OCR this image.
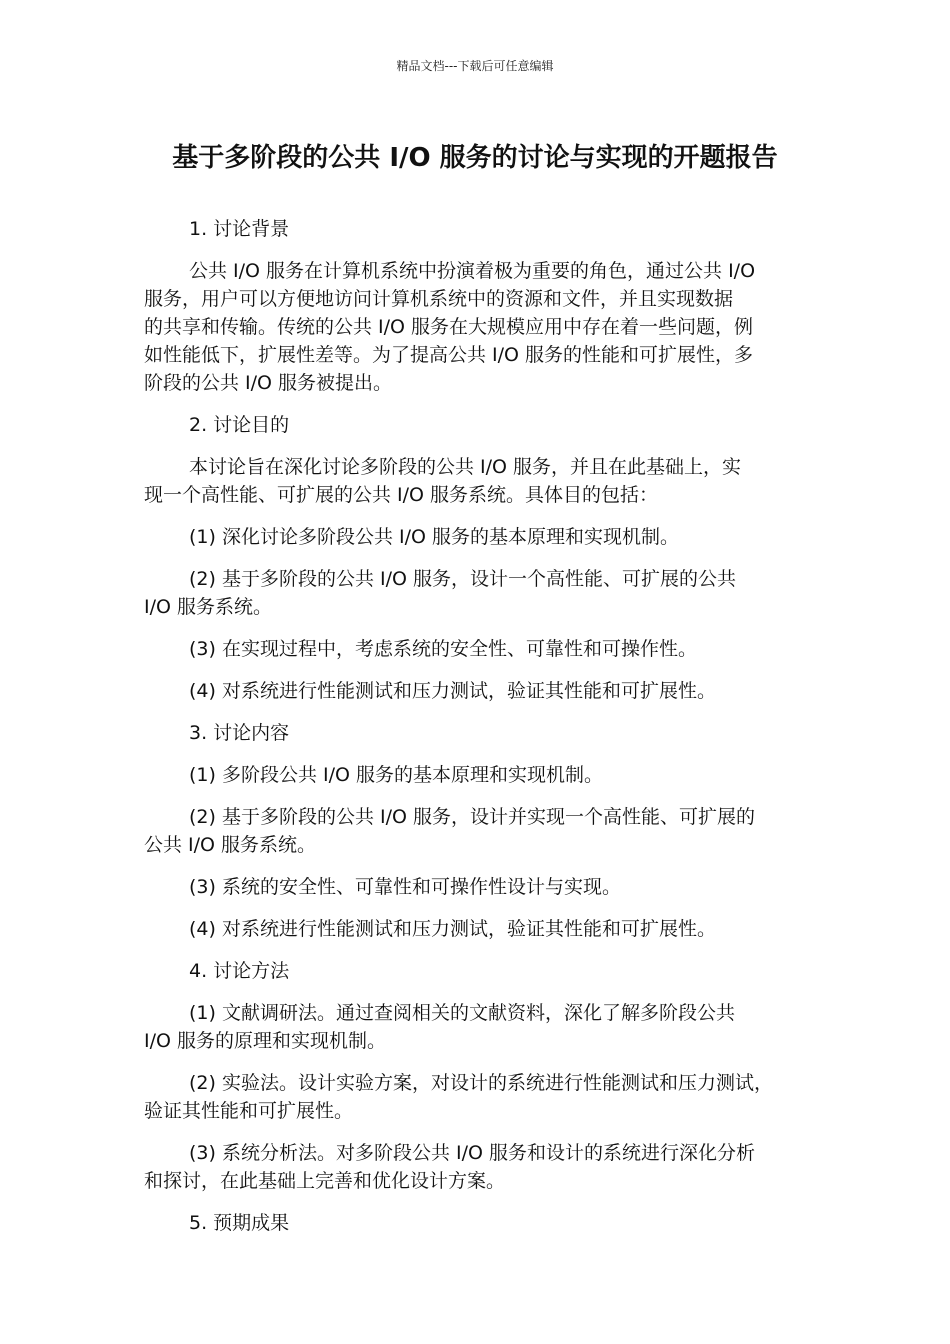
精品文档---下载后可任意编辑
基于多阶段的公共 I/O 服务的讨论与实现的开题报告

1. 讨论背景

公共 I/O 服务在计算机系统中扮演着极为重要的角色，通过公共 I/O
服务，用户可以方便地访问计算机系统中的资源和文件，并且实现数据
的共享和传输。传统的公共 I/O 服务在大规模应用中存在着一些问题，例
如性能低下，扩展性差等。为了提高公共 I/O 服务的性能和可扩展性，多
阶段的公共 I/O 服务被提出。

2. 讨论目的

本讨论旨在深化讨论多阶段的公共 I/O 服务，并且在此基础上，实
现一个高性能、可扩展的公共 I/O 服务系统。具体目的包括：

(1) 深化讨论多阶段公共 I/O 服务的基本原理和实现机制。

(2) 基于多阶段的公共 I/O 服务，设计一个高性能、可扩展的公共
I/O 服务系统。

(3) 在实现过程中，考虑系统的安全性、可靠性和可操作性。

(4) 对系统进行性能测试和压力测试，验证其性能和可扩展性。

3. 讨论内容

(1) 多阶段公共 I/O 服务的基本原理和实现机制。

(2) 基于多阶段的公共 I/O 服务，设计并实现一个高性能、可扩展的
公共 I/O 服务系统。

(3) 系统的安全性、可靠性和可操作性设计与实现。

(4) 对系统进行性能测试和压力测试，验证其性能和可扩展性。

4. 讨论方法

(1) 文献调研法。通过查阅相关的文献资料，深化了解多阶段公共
I/O 服务的原理和实现机制。

(2) 实验法。设计实验方案，对设计的系统进行性能测试和压力测试，
验证其性能和可扩展性。

(3) 系统分析法。对多阶段公共 I/O 服务和设计的系统进行深化分析
和探讨，在此基础上完善和优化设计方案。

5. 预期成果
